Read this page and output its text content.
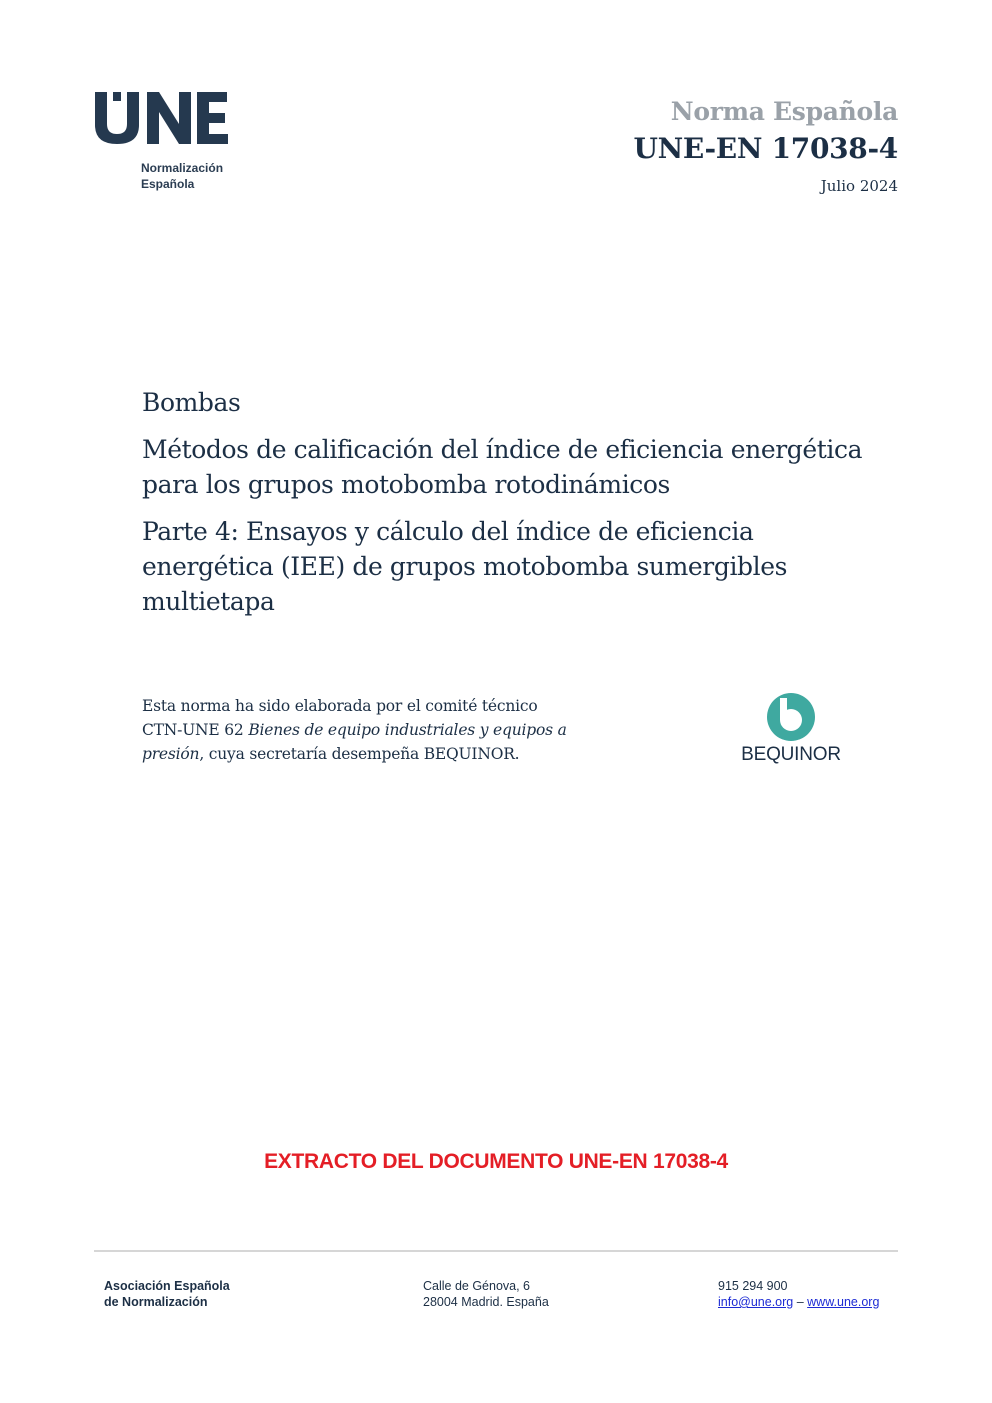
Normalización
Española
Norma Española
UNE-EN 17038-4
Julio 2024
Bombas
Métodos de calificación del índice de eficiencia energética
para los grupos motobomba rotodinámicos
Parte 4: Ensayos y cálculo del índice de eficiencia
energética (IEE) de grupos motobomba sumergibles
multietapa
Esta norma ha sido elaborada por el comité técnico
CTN-UNE 62 Bienes de equipo industriales y equipos a
presión, cuya secretaría desempeña BEQUINOR.	BEQUINOR
EXTRACTO DEL DOCUMENTO UNE-EN 17038-4
Asociación Española
de Normalización
Calle de Génova, 6
28004 Madrid. España
915 294 900
info@une.org – www.une.org
